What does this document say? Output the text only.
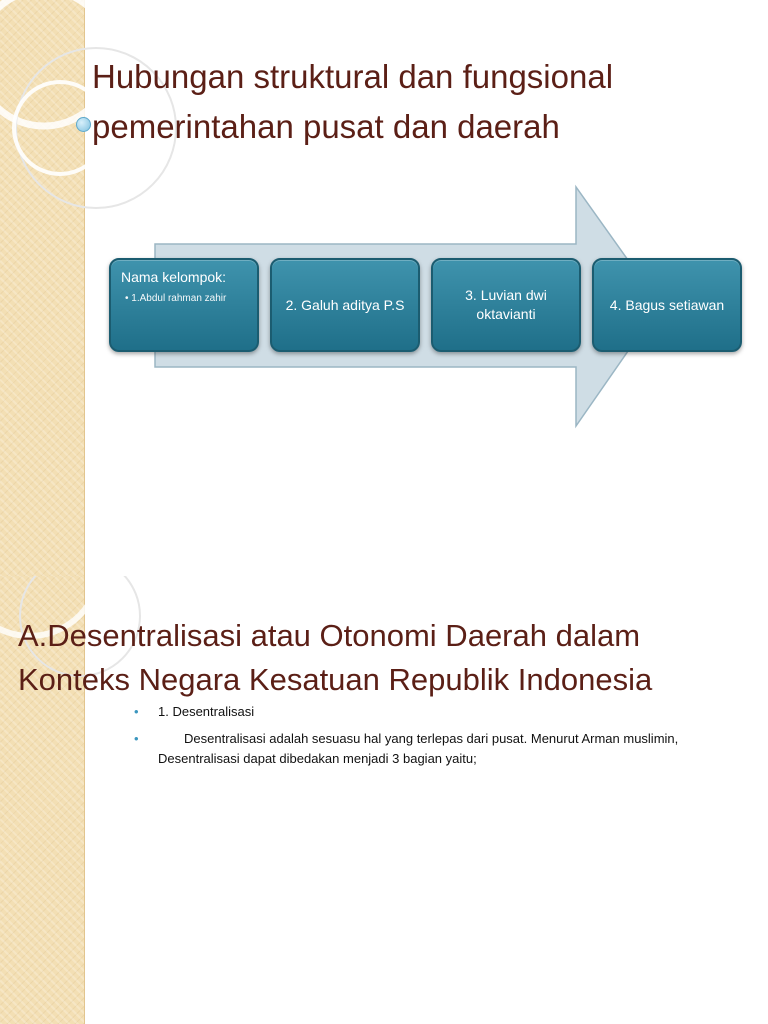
Hubungan struktural dan fungsional
pemerintahan pusat dan daerah
Nama kelompok:
• 1.Abdul rahman zahir	2. Galuh aditya P.S
3. Luvian dwi oktavianti
4. Bagus setiawan
A.Desentralisasi atau Otonomi Daerah dalam
Konteks Negara Kesatuan Republik Indonesia
• 1. Desentralisasi
•	Desentralisasi adalah sesuasu hal yang terlepas dari pusat. Menurut Arman muslimin, Desentralisasi dapat dibedakan menjadi 3 bagian yaitu;
